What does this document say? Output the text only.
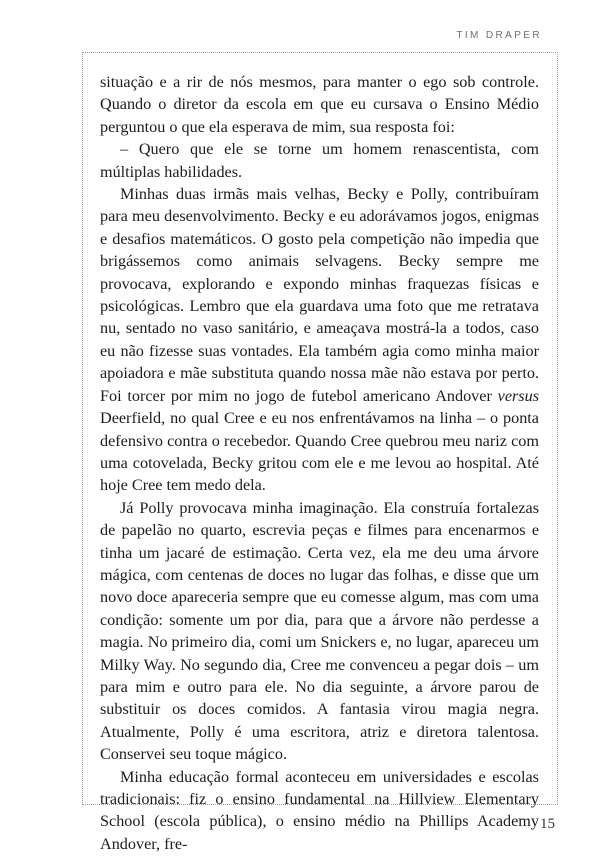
TIM DRAPER

situação e a rir de nós mesmos, para manter o ego sob controle. Quando o diretor da escola em que eu cursava o Ensino Médio perguntou o que ela esperava de mim, sua resposta foi:

– Quero que ele se torne um homem renascentista, com múltiplas habilidades.

Minhas duas irmãs mais velhas, Becky e Polly, contribuíram para meu desenvolvimento. Becky e eu adorávamos jogos, enigmas e desafios matemáticos. O gosto pela competição não impedia que brigássemos como animais selvagens. Becky sempre me provocava, explorando e expondo minhas fraquezas físicas e psicológicas. Lembro que ela guardava uma foto que me retratava nu, sentado no vaso sanitário, e ameaçava mostrá-la a todos, caso eu não fizesse suas vontades. Ela também agia como minha maior apoiadora e mãe substituta quando nossa mãe não estava por perto. Foi torcer por mim no jogo de futebol americano Andover versus Deerfield, no qual Cree e eu nos enfrentávamos na linha – o ponta defensivo contra o recebedor. Quando Cree quebrou meu nariz com uma cotovelada, Becky gritou com ele e me levou ao hospital. Até hoje Cree tem medo dela.

Já Polly provocava minha imaginação. Ela construía fortalezas de papelão no quarto, escrevia peças e filmes para encenarmos e tinha um jacaré de estimação. Certa vez, ela me deu uma árvore mágica, com centenas de doces no lugar das folhas, e disse que um novo doce apareceria sempre que eu comesse algum, mas com uma condição: somente um por dia, para que a árvore não perdesse a magia. No primeiro dia, comi um Snickers e, no lugar, apareceu um Milky Way. No segundo dia, Cree me convenceu a pegar dois – um para mim e outro para ele. No dia seguinte, a árvore parou de substituir os doces comidos. A fantasia virou magia negra. Atualmente, Polly é uma escritora, atriz e diretora talentosa. Conservei seu toque mágico.

Minha educação formal aconteceu em universidades e escolas tradicionais: fiz o ensino fundamental na Hillview Elementary School (escola pública), o ensino médio na Phillips Academy Andover, fre-

15
